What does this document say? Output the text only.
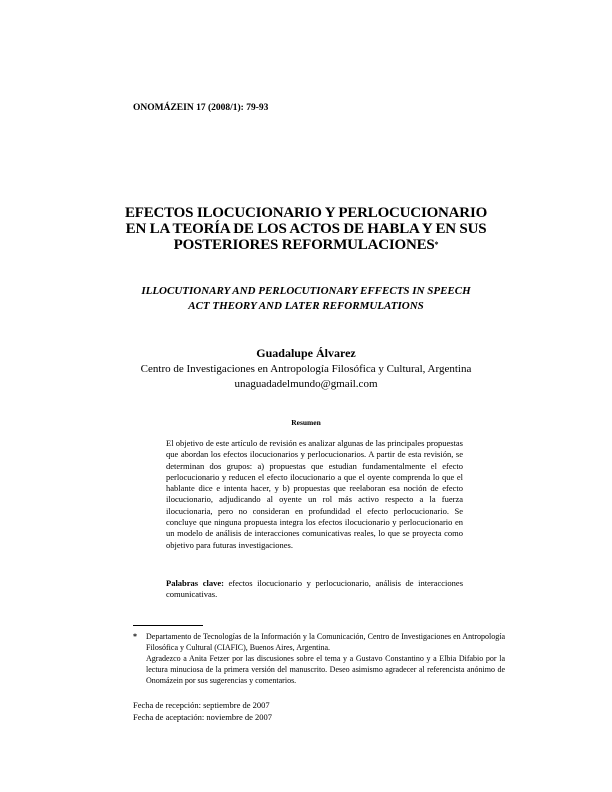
ONOMÁZEIN 17 (2008/1): 79-93
EFECTOS ILOCUCIONARIO Y PERLOCUCIONARIO
EN LA TEORÍA DE LOS ACTOS DE HABLA Y EN SUS
POSTERIORES REFORMULACIONES*
ILLOCUTIONARY AND PERLOCUTIONARY EFFECTS IN SPEECH
ACT THEORY AND LATER REFORMULATIONS
Guadalupe Álvarez
Centro de Investigaciones en Antropología Filosófica y Cultural, Argentina
unaguadadelmundo@gmail.com
Resumen
El objetivo de este artículo de revisión es analizar algunas de las principales propuestas que abordan los efectos ilocucionarios y perlocucionarios. A partir de esta revisión, se determinan dos grupos: a) propuestas que estudian fundamentalmente el efecto perlocucionario y reducen el efecto ilocucionario a que el oyente comprenda lo que el hablante dice e intenta hacer, y b) propuestas que reelaboran esa noción de efecto ilocucionario, adjudicando al oyente un rol más activo respecto a la fuerza ilocucionaria, pero no consideran en profundidad el efecto perlocucionario. Se concluye que ninguna propuesta integra los efectos ilocucionario y perlocucionario en un modelo de análisis de interacciones comunicativas reales, lo que se proyecta como objetivo para futuras investigaciones.
Palabras clave: efectos ilocucionario y perlocucionario, análisis de interacciones comunicativas.
* Departamento de Tecnologías de la Información y la Comunicación, Centro de Investigaciones en Antropología Filosófica y Cultural (CIAFIC), Buenos Aires, Argentina.
Agradezco a Anita Fetzer por las discusiones sobre el tema y a Gustavo Constantino y a Elbia Difabio por la lectura minuciosa de la primera versión del manuscrito. Deseo asimismo agradecer al referencista anónimo de Onomázein por sus sugerencias y comentarios.
Fecha de recepción: septiembre de 2007
Fecha de aceptación: noviembre de 2007
